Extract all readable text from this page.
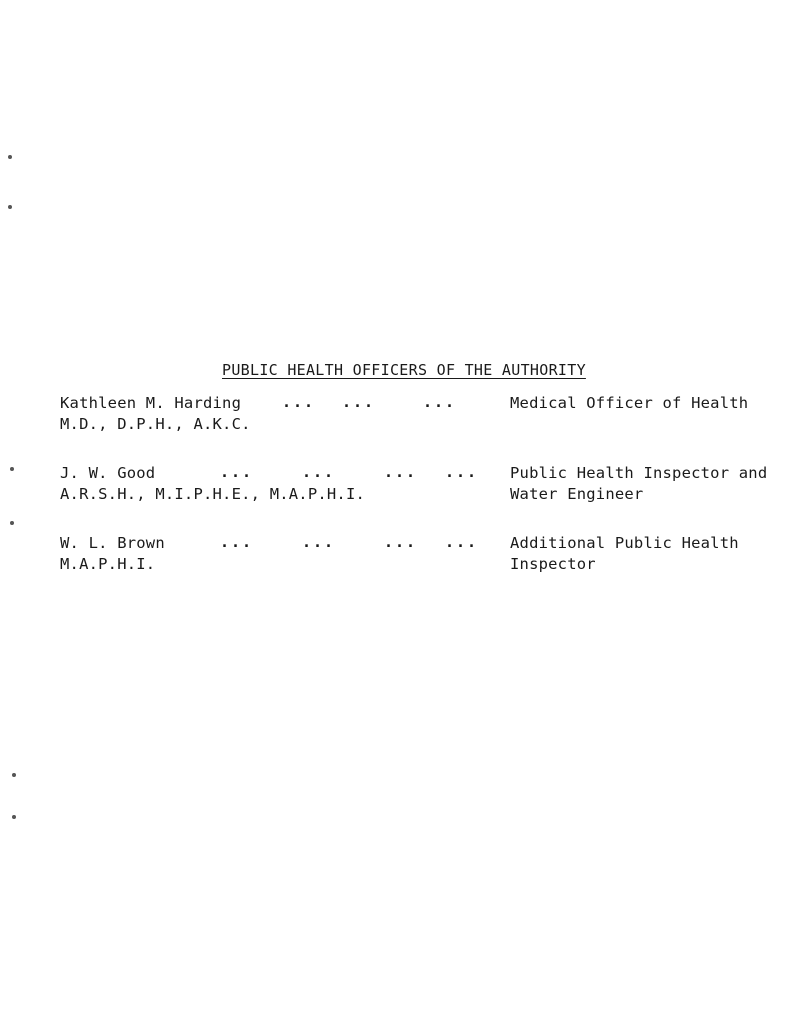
PUBLIC HEALTH OFFICERS OF THE AUTHORITY
Kathleen M. Harding	... ...	...	Medical Officer of Health
M.D., D.P.H., A.K.C.
J. W. Good	...	...	... ... Public Health Inspector and
A.R.S.H., M.I.P.H.E., M.A.P.H.I.	Water Engineer
W. L. Brown	...	...	... ... Additional Public Health
M.A.P.H.I.	Inspector
